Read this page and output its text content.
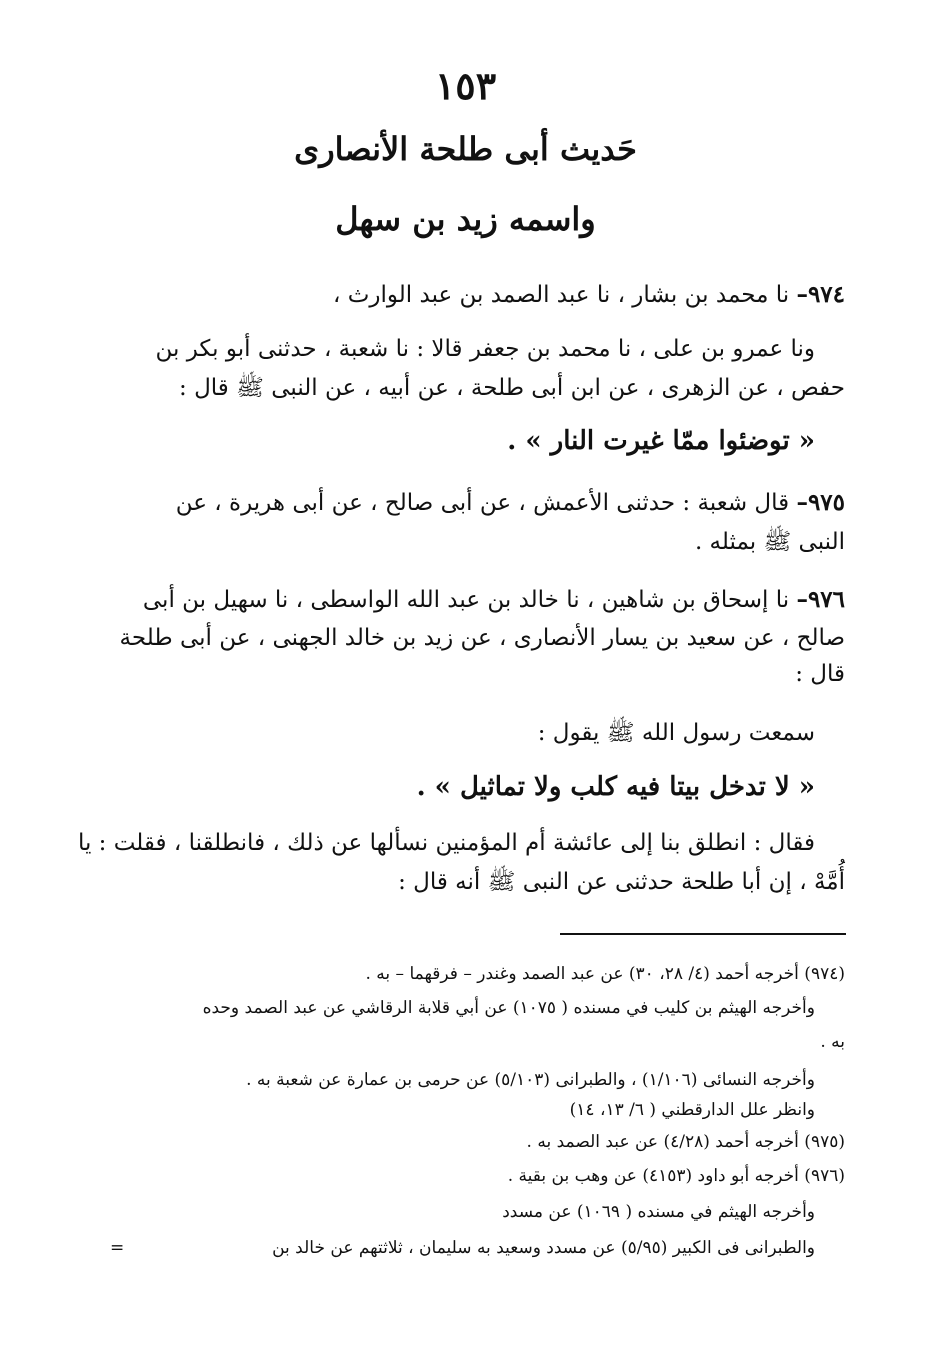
١٥٣
حَديث أبى طلحة الأنصارى
واسمه زيد بن سهل
٩٧٤– نا محمد بن بشار ، نا عبد الصمد بن عبد الوارث ،
ونا عمرو بن على ، نا محمد بن جعفر قالا : نا شعبة ، حدثنى أبو بكر بن
حفص ، عن الزهرى ، عن ابن أبى طلحة ، عن أبيه ، عن النبى ﷺ قال :
« توضئوا ممّا غيرت النار » .
٩٧٥– قال شعبة : حدثنى الأعمش ، عن أبى صالح ، عن أبى هريرة ، عن
النبى ﷺ بمثله .
٩٧٦– نا إسحاق بن شاهين ، نا خالد بن عبد الله الواسطى ، نا سهيل بن أبى
صالح ، عن سعيد بن يسار الأنصارى ، عن زيد بن خالد الجهنى ، عن أبى طلحة
قال :
سمعت رسول الله ﷺ يقول :
« لا تدخل بيتا فيه كلب ولا تماثيل » .
فقال : انطلق بنا إلى عائشة أم المؤمنين نسألها عن ذلك ، فانطلقنا ، فقلت : يا
أُمَّهْ ، إن أبا طلحة حدثنى عن النبى ﷺ أنه قال :
(٩٧٤) أخرجه أحمد (٤/ ٢٨، ٣٠) عن عبد الصمد وغندر – فرقهما – به .
وأخرجه الهيثم بن كليب في مسنده ( ١٠٧٥) عن أبي قلابة الرقاشي عن عبد الصمد وحده
به .
وأخرجه النسائى (١/١٠٦) ، والطبرانى (٥/١٠٣) عن حرمى بن عمارة عن شعبة به .
وانظر علل الدارقطني ( ٦/ ١٣، ١٤)
(٩٧٥) أخرجه أحمد (٤/٢٨) عن عبد الصمد به .
(٩٧٦) أخرجه أبو داود (٤١٥٣) عن وهب بن بقية .
وأخرجه الهيثم في مسنده ( ١٠٦٩) عن مسدد
والطبرانى فى الكبير (٥/٩٥) عن مسدد وسعيد به سليمان ، ثلاثتهم عن خالد بن
=
